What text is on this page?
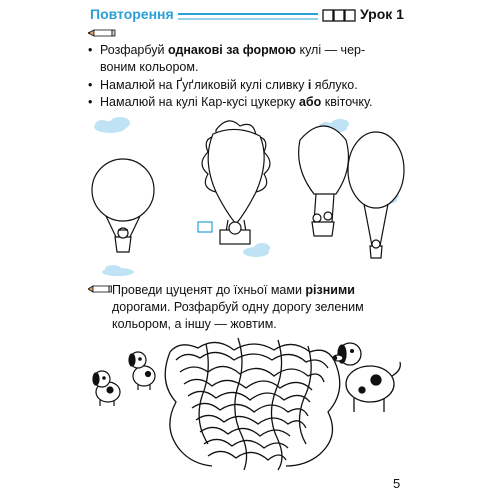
Повторення	Урок 1
• Розфарбуй однакові за формою кулі — чер-
воним кольором.
• Намалюй на Ґуґликовій кулі сливку і яблуко.
• Намалюй на кулі Кар-кусі цукерку або квіточку.
Проведи цуценят до їхньої мами різними
дорогами. Розфарбуй одну дорогу зеленим
кольором, а іншу — жовтим.
5
